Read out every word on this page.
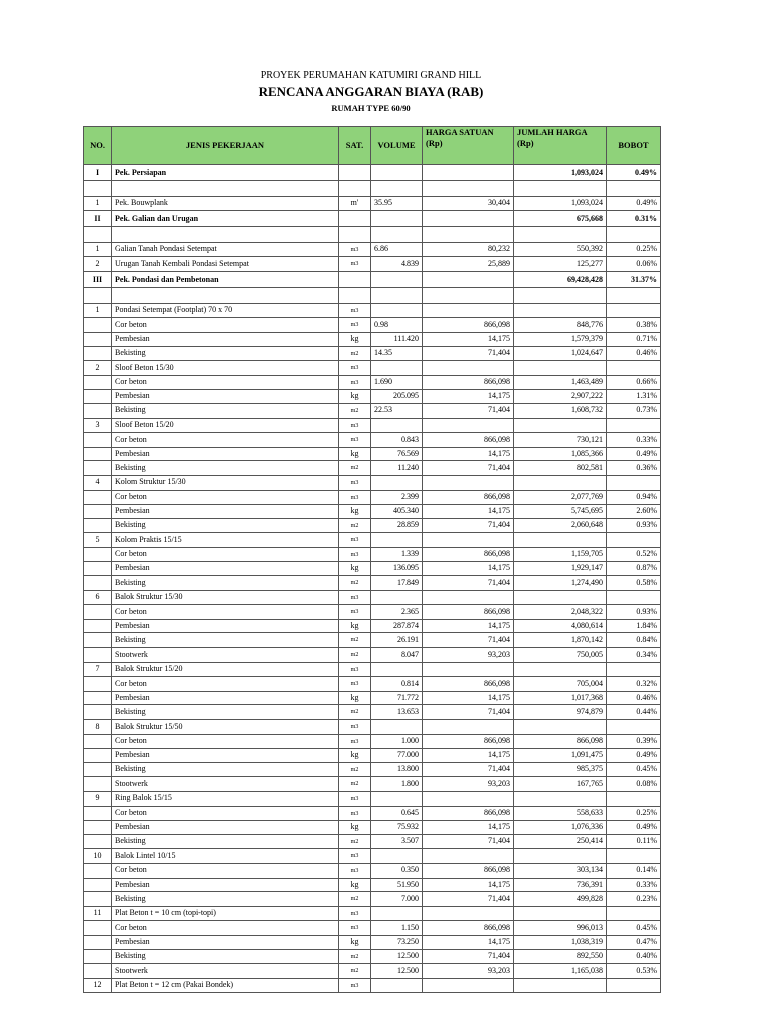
PROYEK PERUMAHAN KATUMIRI GRAND HILL
RENCANA ANGGARAN BIAYA (RAB)
RUMAH TYPE 60/90
NO.	JENIS PEKERJAAN	SAT.	VOLUME	HARGA SATUAN (Rp)	JUMLAH HARGA (Rp)	BOBOT
I	Pek. Persiapan				1,093,024	0.49%

1	Pek. Bouwplank	m'	35.95	30,404	1,093,024	0.49%
II	Pek. Galian dan Urugan				675,668	0.31%

1	Galian Tanah Pondasi Setempat	m3	6.86	80,232	550,392	0.25%
2	Urugan Tanah Kembali Pondasi Setempat	m3	4.839	25,889	125,277	0.06%
III	Pek. Pondasi dan Pembetonan				69,428,428	31.37%

1	Pondasi Setempat (Footplat) 70 x 70	m3				
	Cor beton	m3	0.98	866,098	848,776	0.38%
	Pembesian	kg	111.420	14,175	1,579,379	0.71%
	Bekisting	m2	14.35	71,404	1,024,647	0.46%
2	Sloof Beton 15/30	m3				
	Cor beton	m3	1.690	866,098	1,463,489	0.66%
	Pembesian	kg	205.095	14,175	2,907,222	1.31%
	Bekisting	m2	22.53	71,404	1,608,732	0.73%
3	Sloof Beton 15/20	m3				
	Cor beton	m3	0.843	866,098	730,121	0.33%
	Pembesian	kg	76.569	14,175	1,085,366	0.49%
	Bekisting	m2	11.240	71,404	802,581	0.36%
4	Kolom Struktur 15/30	m3				
	Cor beton	m3	2.399	866,098	2,077,769	0.94%
	Pembesian	kg	405.340	14,175	5,745,695	2.60%
	Bekisting	m2	28.859	71,404	2,060,648	0.93%
5	Kolom Praktis 15/15	m3				
	Cor beton	m3	1.339	866,098	1,159,705	0.52%
	Pembesian	kg	136.095	14,175	1,929,147	0.87%
	Bekisting	m2	17.849	71,404	1,274,490	0.58%
6	Balok Struktur 15/30	m3				
	Cor beton	m3	2.365	866,098	2,048,322	0.93%
	Pembesian	kg	287.874	14,175	4,080,614	1.84%
	Bekisting	m2	26.191	71,404	1,870,142	0.84%
	Stootwerk	m2	8.047	93,203	750,005	0.34%
7	Balok Struktur 15/20	m3				
	Cor beton	m3	0.814	866,098	705,004	0.32%
	Pembesian	kg	71.772	14,175	1,017,368	0.46%
	Bekisting	m2	13.653	71,404	974,879	0.44%
8	Balok Struktur 15/50	m3				
	Cor beton	m3	1.000	866,098	866,098	0.39%
	Pembesian	kg	77.000	14,175	1,091,475	0.49%
	Bekisting	m2	13.800	71,404	985,375	0.45%
	Stootwerk	m2	1.800	93,203	167,765	0.08%
9	Ring Balok 15/15	m3				
	Cor beton	m3	0.645	866,098	558,633	0.25%
	Pembesian	kg	75.932	14,175	1,076,336	0.49%
	Bekisting	m2	3.507	71,404	250,414	0.11%
10	Balok Lintel 10/15	m3				
	Cor beton	m3	0.350	866,098	303,134	0.14%
	Pembesian	kg	51.950	14,175	736,391	0.33%
	Bekisting	m2	7.000	71,404	499,828	0.23%
11	Plat Beton t = 10 cm (topi-topi)	m3				
	Cor beton	m3	1.150	866,098	996,013	0.45%
	Pembesian	kg	73.250	14,175	1,038,319	0.47%
	Bekisting	m2	12.500	71,404	892,550	0.40%
	Stootwerk	m2	12.500	93,203	1,165,038	0.53%
12	Plat Beton t = 12 cm (Pakai Bondek)	m3				
